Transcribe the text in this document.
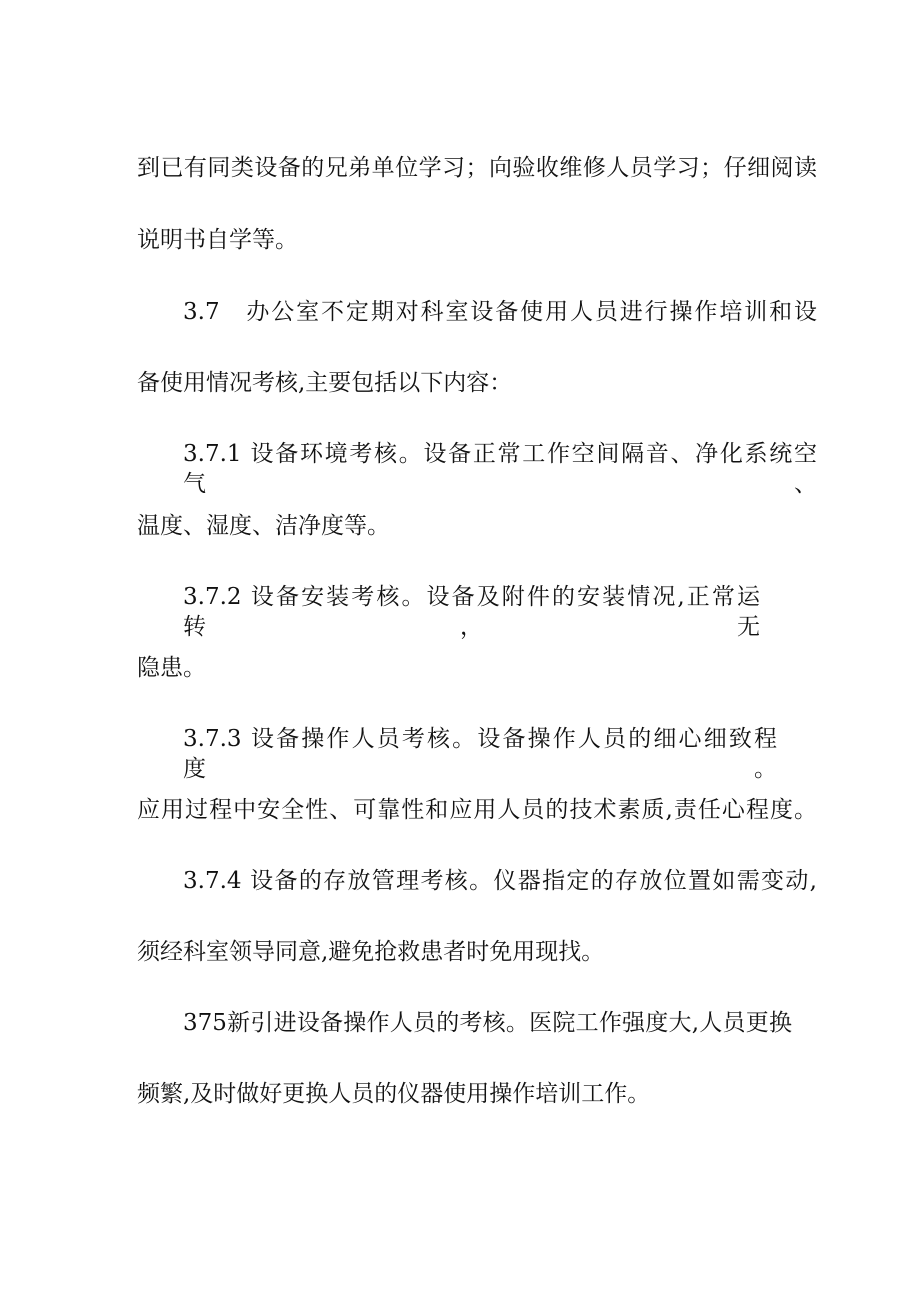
到已有同类设备的兄弟单位学习；向验收维修人员学习；仔细阅读
说明书自学等。
3.7　办公室不定期对科室设备使用人员进行操作培训和设
备使用情况考核,主要包括以下内容：
3.7.1 设备环境考核。设备正常工作空间隔音、净化系统空气、
温度、湿度、洁净度等。
3.7.2 设备安装考核。设备及附件的安装情况,正常运转，无
隐患。
3.7.3 设备操作人员考核。设备操作人员的细心细致程度。
应用过程中安全性、可靠性和应用人员的技术素质,责任心程度。
3.7.4 设备的存放管理考核。仪器指定的存放位置如需变动,
须经科室领导同意,避免抢救患者时免用现找。
375新引进设备操作人员的考核。医院工作强度大,人员更换
频繁,及时做好更换人员的仪器使用操作培训工作。
